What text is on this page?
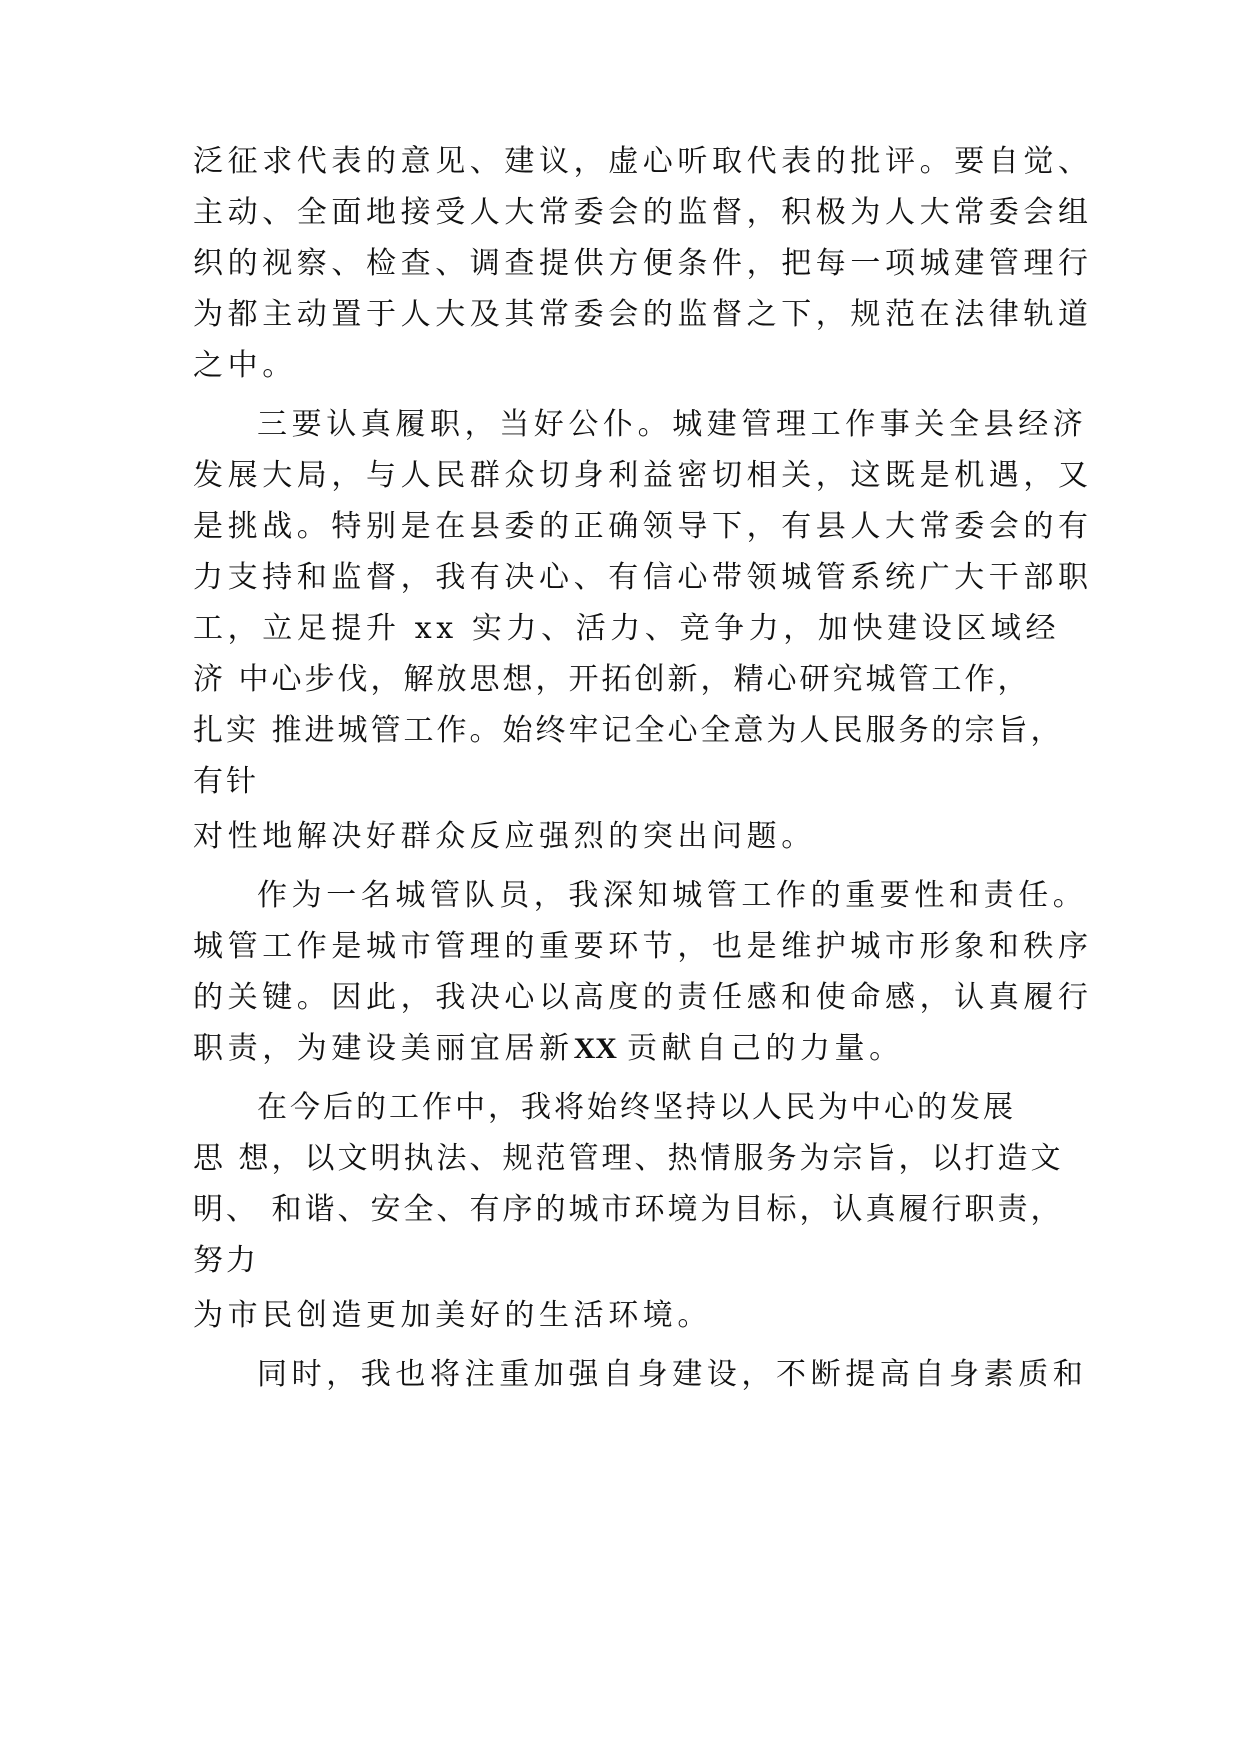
泛征求代表的意见、建议，虚心听取代表的批评。要自觉、
主动、全面地接受人大常委会的监督，积极为人大常委会组
织的视察、检查、调查提供方便条件，把每一项城建管理行
为都主动置于人大及其常委会的监督之下，规范在法律轨道
之中。
三要认真履职，当好公仆。城建管理工作事关全县经济
发展大局，与人民群众切身利益密切相关，这既是机遇，又
是挑战。特别是在县委的正确领导下，有县人大常委会的有
力支持和监督，我有决心、有信心带领城管系统广大干部职
工，立足提升 xx 实力、活力、竞争力，加快建设区域经
济 中心步伐，解放思想，开拓创新，精心研究城管工作，
扎实 推进城管工作。始终牢记全心全意为人民服务的宗旨，
有针
对性地解决好群众反应强烈的突出问题。
作为一名城管队员，我深知城管工作的重要性和责任。
城管工作是城市管理的重要环节，也是维护城市形象和秩序
的关键。因此，我决心以高度的责任感和使命感，认真履行
职责，为建设美丽宜居新XX 贡献自己的力量。
在今后的工作中，我将始终坚持以人民为中心的发展
思 想，以文明执法、规范管理、热情服务为宗旨，以打造文
明、 和谐、安全、有序的城市环境为目标，认真履行职责，
努力
为市民创造更加美好的生活环境。
同时，我也将注重加强自身建设，不断提高自身素质和
